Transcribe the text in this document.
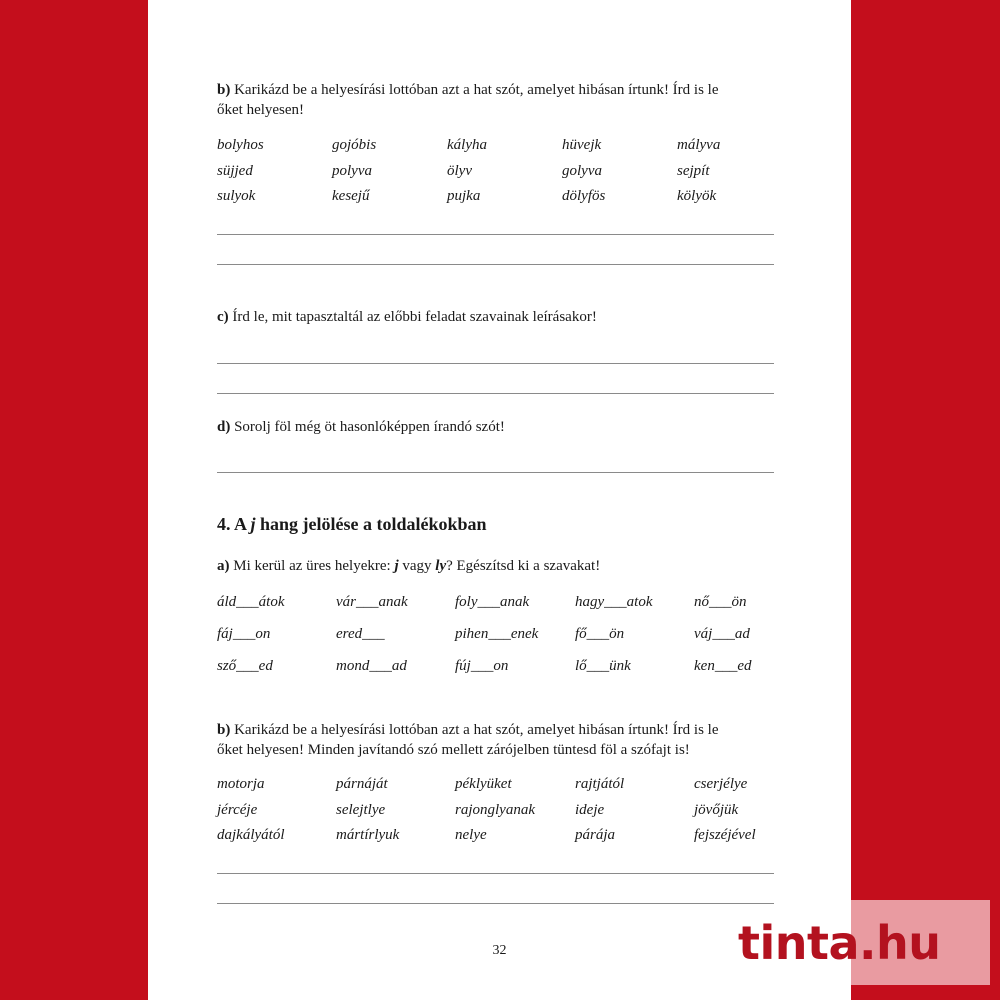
b) Karikázd be a helyesírási lottóban azt a hat szót, amelyet hibásan írtunk! Írd is le
őket helyesen!
bolyhos	gojóbis	kályha	hüvejk	mályva
süjjed	polyva	ölyv	golyva	sejpít
sulyok	kesejű	pujka	dölyfös	kölyök
c) Írd le, mit tapasztaltál az előbbi feladat szavainak leírásakor!
d) Sorolj föl még öt hasonlóképpen írandó szót!
4. A j hang jelölése a toldalékokban
a) Mi kerül az üres helyekre: j vagy ly? Egészítsd ki a szavakat!
áld___átok	vár___anak	foly___anak	hagy___atok	nő___ön
fáj___on	ered___	pihen___enek fő___ön	váj___ad
sző___ed	mond___ad	fúj___on	lő___ünk	ken___ed
b) Karikázd be a helyesírási lottóban azt a hat szót, amelyet hibásan írtunk! Írd is le
őket helyesen! Minden javítandó szó mellett zárójelben tüntesd föl a szófajt is!
motorja	párnáját	péklyüket	rajtjától	cserjélye
jércéje	selejtlye	rajonglyanak	ideje	jövőjük
dajkályától	mártírlyuk	nelye	párája	fejszéjével
32	tinta.hu
